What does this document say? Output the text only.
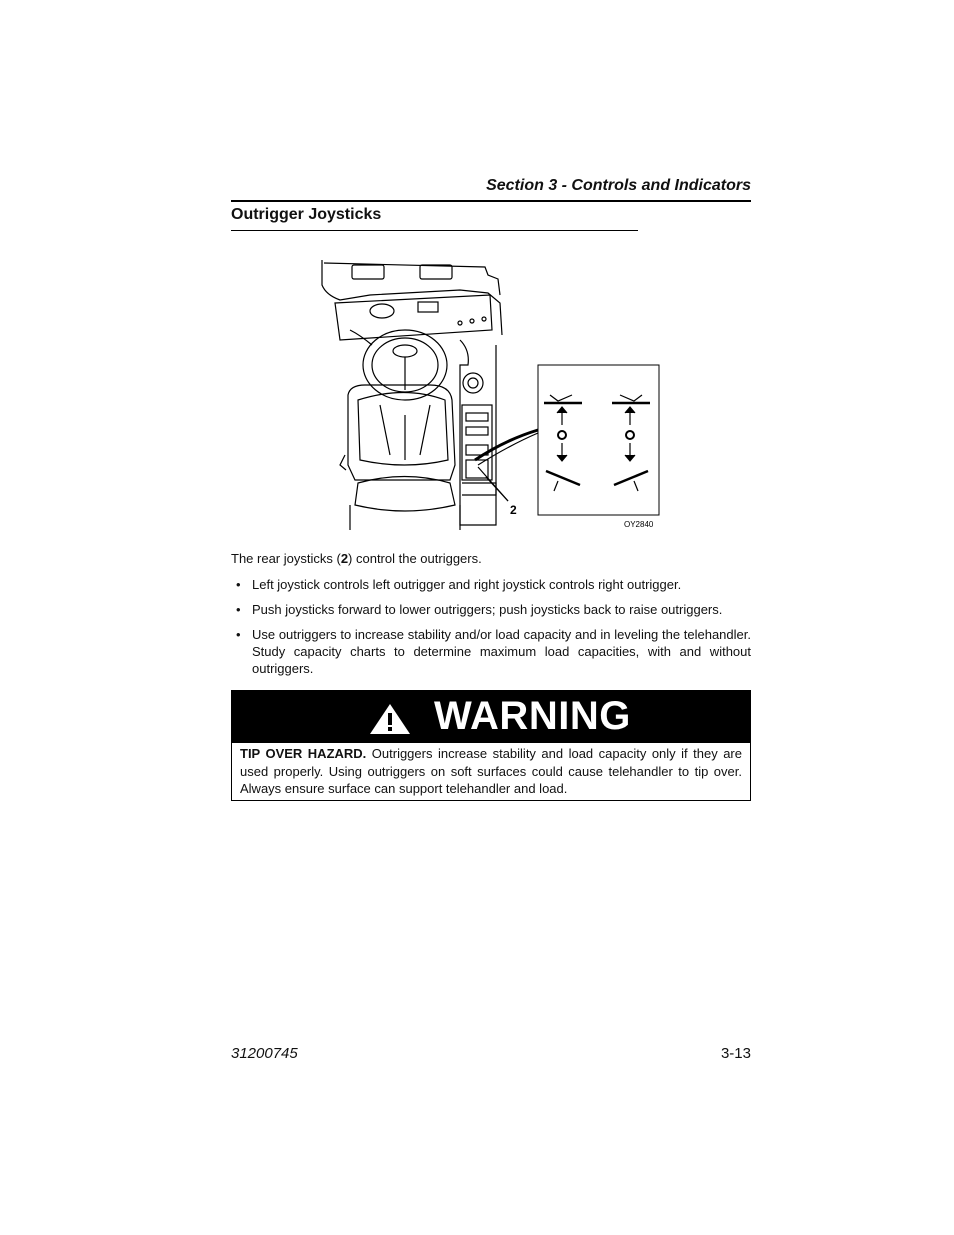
Section 3 - Controls and Indicators
Outrigger Joysticks
2
OY2840
The rear joysticks (2) control the outriggers.
• Left joystick controls left outrigger and right joystick controls right outrigger.
• Push joysticks forward to lower outriggers; push joysticks back to raise outriggers.
• Use outriggers to increase stability and/or load capacity and in leveling the telehandler. Study capacity charts to determine maximum load capacities, with and without outriggers.
WARNING
TIP OVER HAZARD. Outriggers increase stability and load capacity only if they are used properly. Using outriggers on soft surfaces could cause telehandler to tip over. Always ensure surface can support telehandler and load.
31200745	3-13
